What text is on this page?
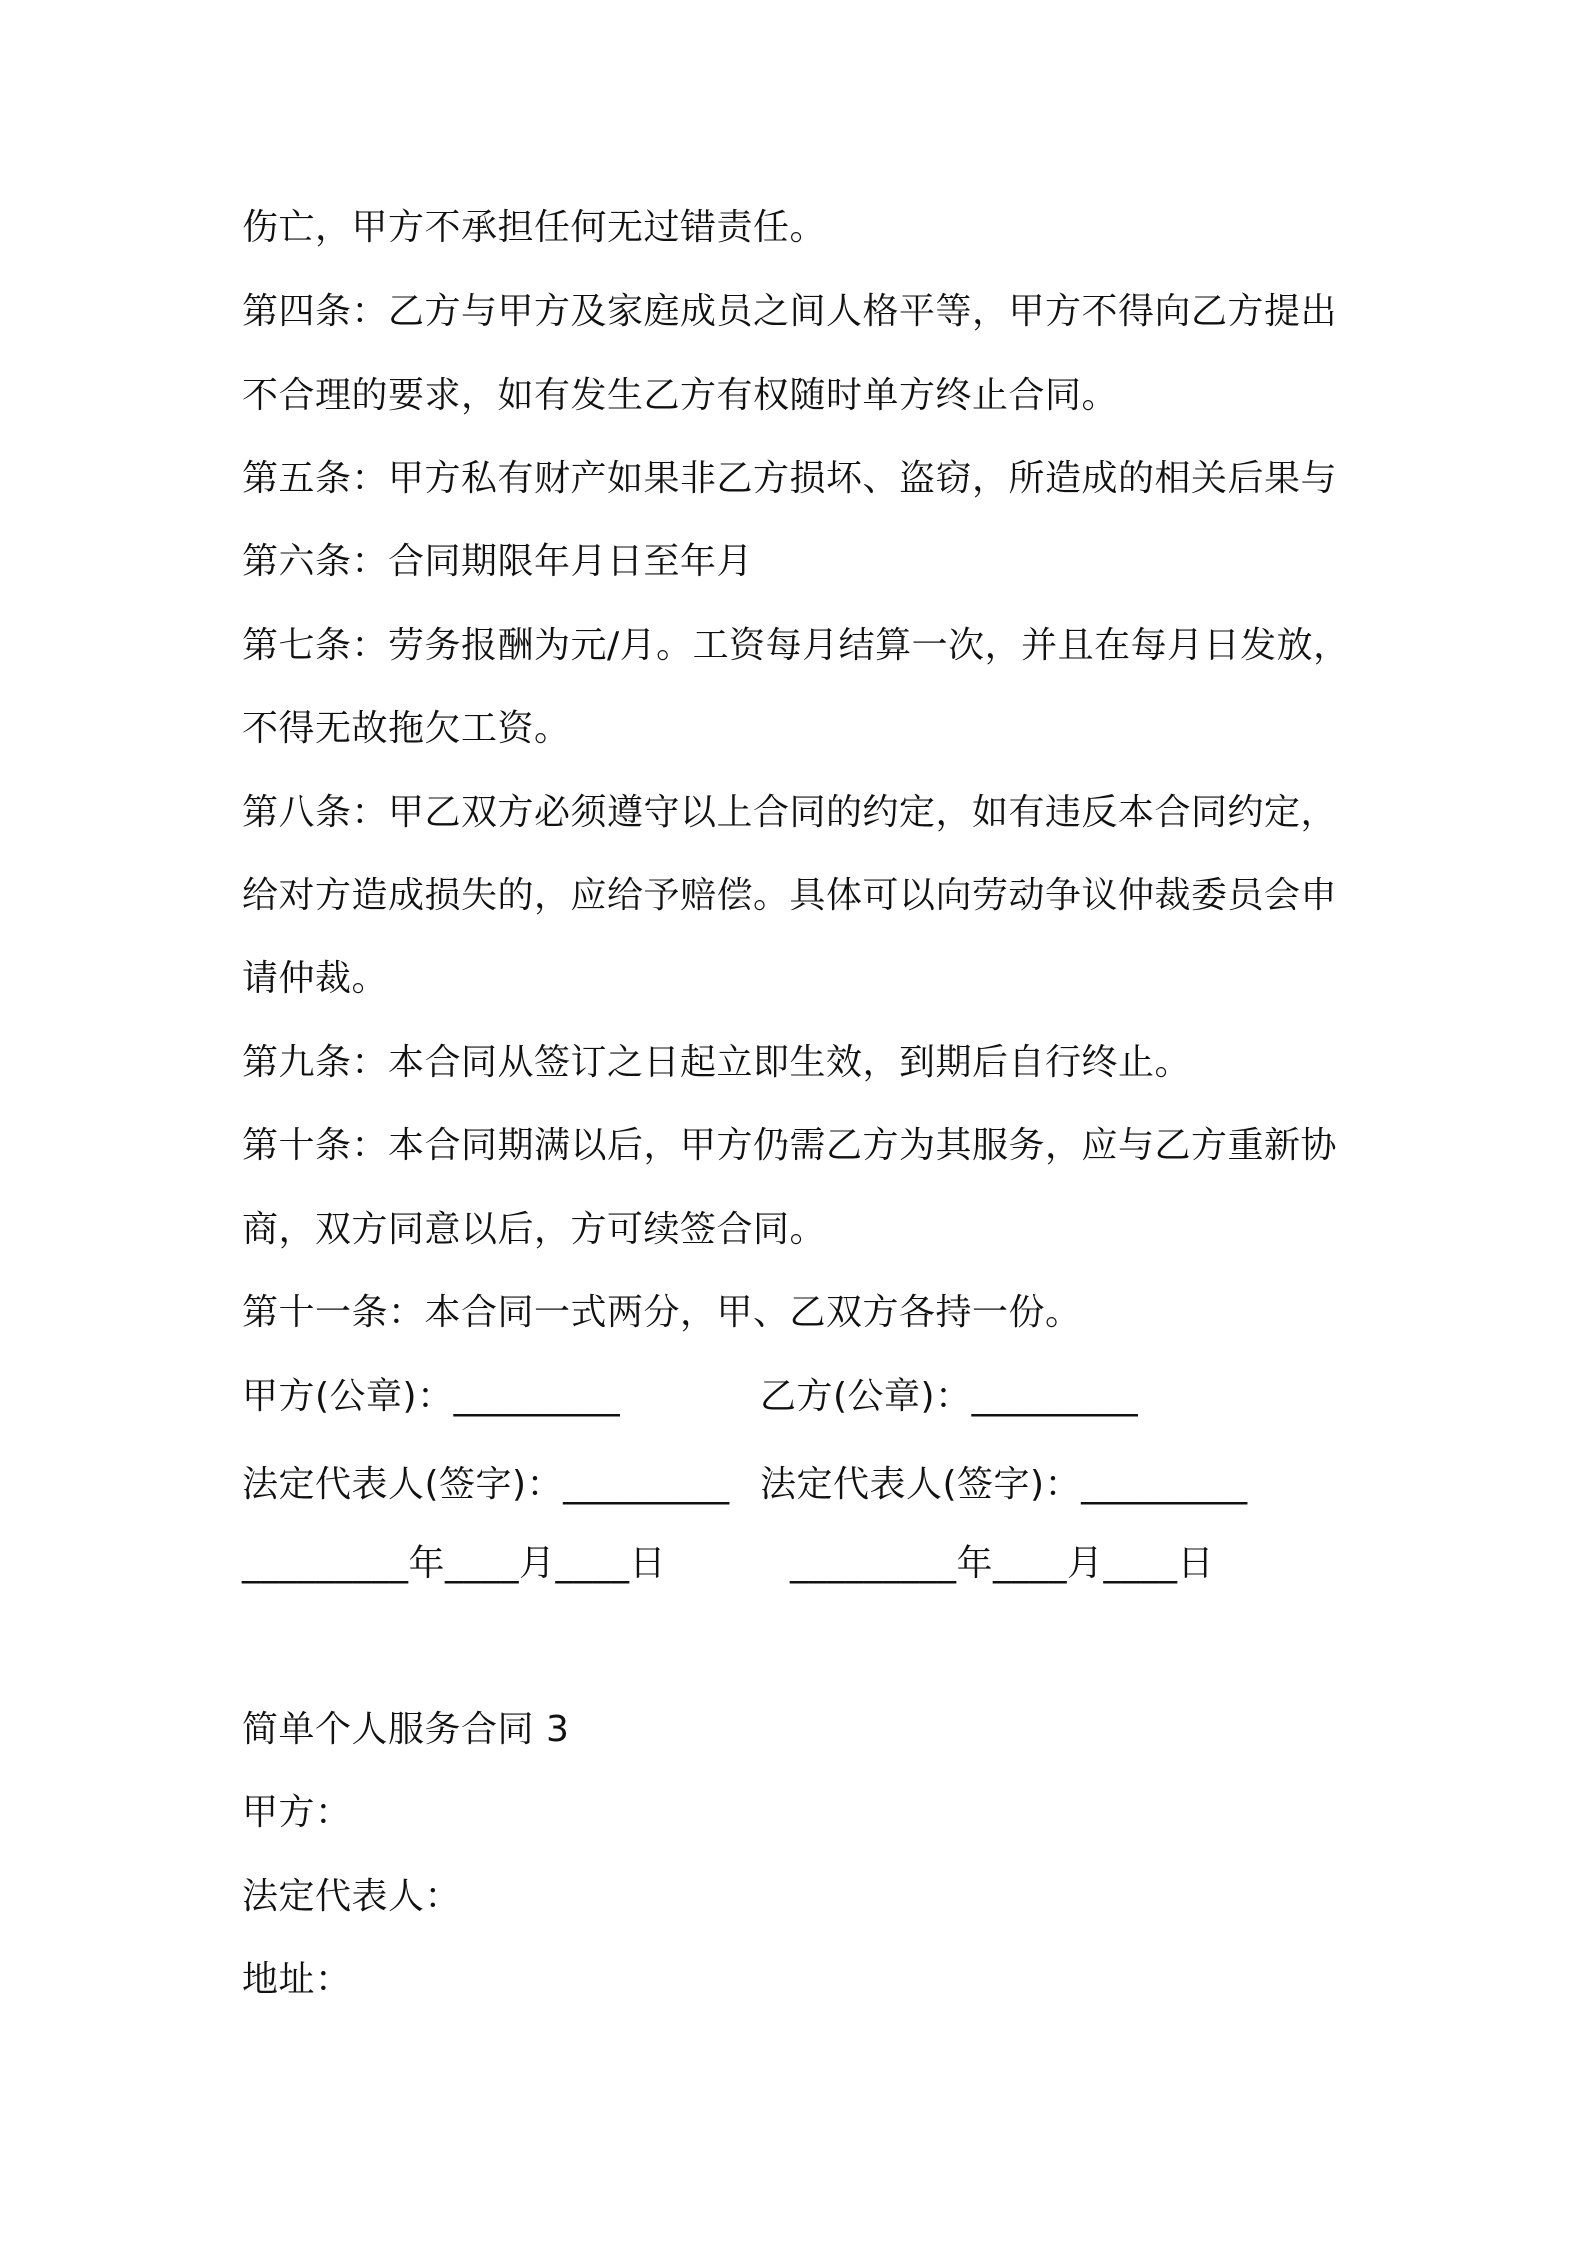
伤亡，甲方不承担任何无过错责任。
第四条：乙方与甲方及家庭成员之间人格平等，甲方不得向乙方提出
不合理的要求，如有发生乙方有权随时单方终止合同。
第五条：甲方私有财产如果非乙方损坏、盗窃，所造成的相关后果与
第六条：合同期限年月日至年月
第七条：劳务报酬为元/月。工资每月结算一次，并且在每月日发放，
不得无故拖欠工资。
第八条：甲乙双方必须遵守以上合同的约定，如有违反本合同约定，
给对方造成损失的，应给予赔偿。具体可以向劳动争议仲裁委员会申
请仲裁。
第九条：本合同从签订之日起立即生效，到期后自行终止。
第十条：本合同期满以后，甲方仍需乙方为其服务，应与乙方重新协
商，双方同意以后，方可续签合同。
第十一条：本合同一式两分，甲、乙双方各持一份。
甲方(公章)：_________	乙方(公章)：_________
法定代表人(签字)：_________ 法定代表人(签字)：_________
_________年____月____日	_________年____月____日
简单个人服务合同 3
甲方：
法定代表人：
地址：
